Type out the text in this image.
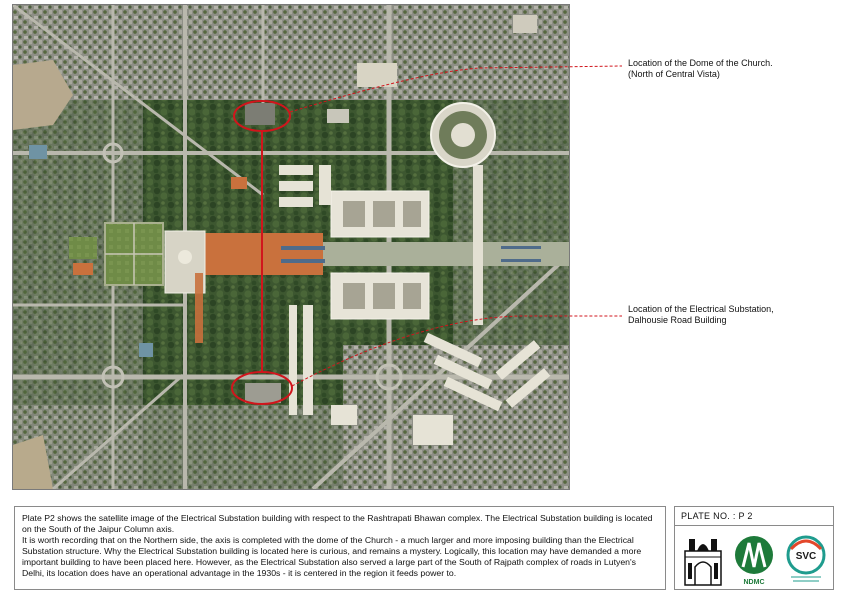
Location of the Dome of the Church.
(North of Central Vista)
Location of the Electrical Substation,
Dalhousie Road Building

Plate P2 shows the satellite image of the Electrical Substation building with respect to the Rashtrapati Bhawan complex. The Electrical Substation building is located on the South of the Jaipur Column axis.

It is worth recording that on the Northern side, the axis is completed with the dome of the Church - a much larger and more imposing building than the Electrical Substation structure. Why the Electrical Substation building is located here is curious, and remains a mystery. Logically, this location may have demanded a more important building to have been placed here. However, as the Electrical Substation also served a large part of the South of Rajpath complex of roads in Lutyen's Delhi, its location does have an operational advantage in the 1930s - it is centered in the region it feeds power to.

PLATE NO. : P 2
NDMC
SVC
